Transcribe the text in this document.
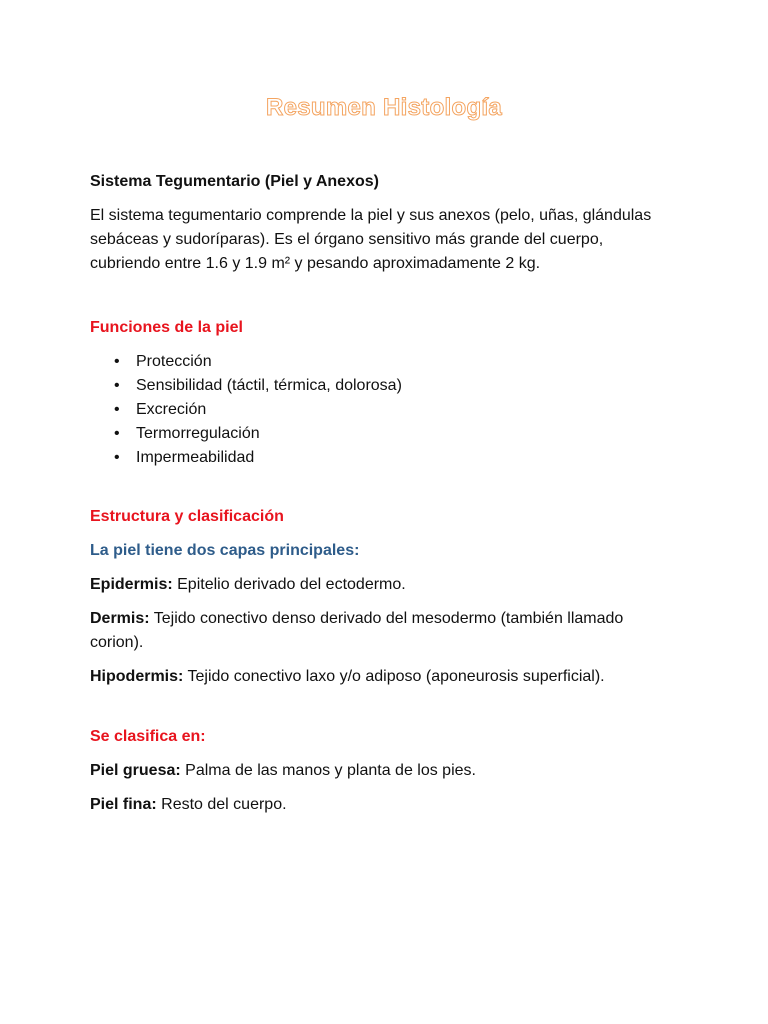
Resumen Histología

Sistema Tegumentario (Piel y Anexos)

El sistema tegumentario comprende la piel y sus anexos (pelo, uñas, glándulas sebáceas y sudoríparas). Es el órgano sensitivo más grande del cuerpo, cubriendo entre 1.6 y 1.9 m² y pesando aproximadamente 2 kg.

Funciones de la piel

• Protección
• Sensibilidad (táctil, térmica, dolorosa)
• Excreción
• Termorregulación
• Impermeabilidad

Estructura y clasificación

La piel tiene dos capas principales:

Epidermis: Epitelio derivado del ectodermo.

Dermis: Tejido conectivo denso derivado del mesodermo (también llamado corion).

Hipodermis: Tejido conectivo laxo y/o adiposo (aponeurosis superficial).

Se clasifica en:

Piel gruesa: Palma de las manos y planta de los pies.

Piel fina: Resto del cuerpo.
